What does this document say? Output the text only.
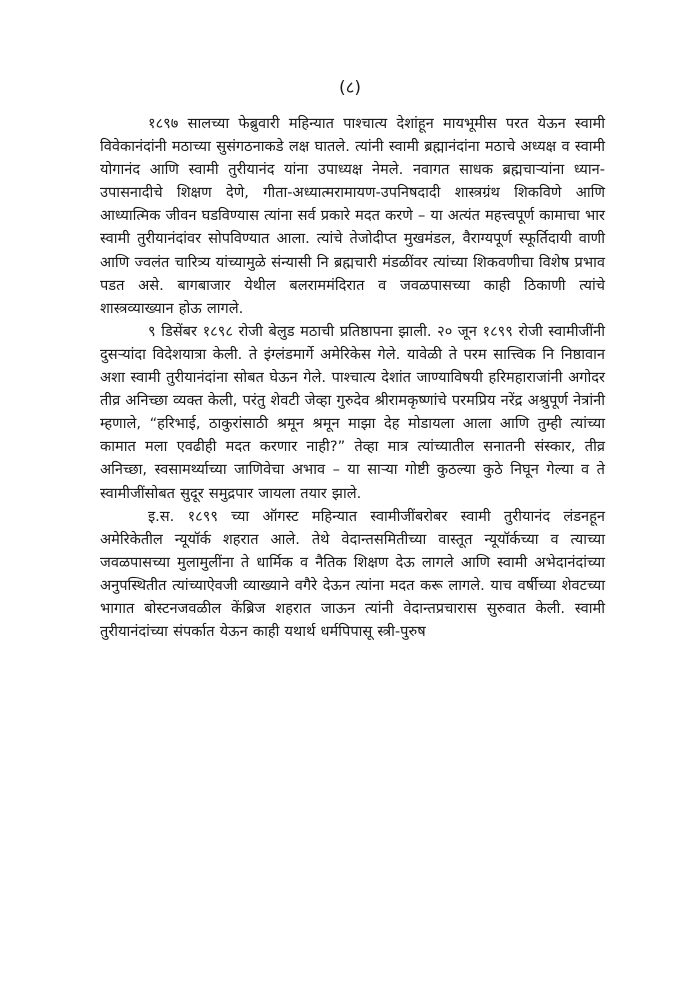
(८)

१८९७ सालच्या फेब्रुवारी महिन्यात पाश्चात्य देशांहून मायभूमीस परत येऊन स्वामी विवेकानंदांनी मठाच्या सुसंगठनाकडे लक्ष घातले. त्यांनी स्वामी ब्रह्मानंदांना मठाचे अध्यक्ष व स्वामी योगानंद आणि स्वामी तुरीयानंद यांना उपाध्यक्ष नेमले. नवागत साधक ब्रह्मचाऱ्यांना ध्यान-उपासनादीचे शिक्षण देणे, गीता-अध्यात्मरामायण-उपनिषदादी शास्त्रग्रंथ शिकविणे आणि आध्यात्मिक जीवन घडविण्यास त्यांना सर्व प्रकारे मदत करणे – या अत्यंत महत्त्वपूर्ण कामाचा भार स्वामी तुरीयानंदांवर सोपविण्यात आला. त्यांचे तेजोदीप्त मुखमंडल, वैराग्यपूर्ण स्फूर्तिदायी वाणी आणि ज्वलंत चारित्र्य यांच्यामुळे संन्यासी नि ब्रह्मचारी मंडळींवर त्यांच्या शिकवणीचा विशेष प्रभाव पडत असे. बागबाजार येथील बलराममंदिरात व जवळपासच्या काही ठिकाणी त्यांचे शास्त्रव्याख्यान होऊ लागले.

९ डिसेंबर १८९८ रोजी बेलुड मठाची प्रतिष्ठापना झाली. २० जून १८९९ रोजी स्वामीजींनी दुसऱ्यांदा विदेशयात्रा केली. ते इंग्लंडमार्गे अमेरिकेस गेले. यावेळी ते परम सात्त्विक नि निष्ठावान अशा स्वामी तुरीयानंदांना सोबत घेऊन गेले. पाश्चात्य देशांत जाण्याविषयी हरिमहाराजांनी अगोदर तीव्र अनिच्छा व्यक्त केली, परंतु शेवटी जेव्हा गुरुदेव श्रीरामकृष्णांचे परमप्रिय नरेंद्र अश्रुपूर्ण नेत्रांनी म्हणाले, “हरिभाई, ठाकुरांसाठी श्रमून श्रमून माझा देह मोडायला आला आणि तुम्ही त्यांच्या कामात मला एवढीही मदत करणार नाही?” तेव्हा मात्र त्यांच्यातील सनातनी संस्कार, तीव्र अनिच्छा, स्वसामर्थ्याच्या जाणिवेचा अभाव – या साऱ्या गोष्टी कुठल्या कुठे निघून गेल्या व ते स्वामीजींसोबत सुदूर समुद्रपार जायला तयार झाले.

इ.स. १८९९ च्या ऑगस्ट महिन्यात स्वामीजींबरोबर स्वामी तुरीयानंद लंडनहून अमेरिकेतील न्यूयॉर्क शहरात आले. तेथे वेदान्तसमितीच्या वास्तूत न्यूयॉर्कच्या व त्याच्या जवळपासच्या मुलामुलींना ते धार्मिक व नैतिक शिक्षण देऊ लागले आणि स्वामी अभेदानंदांच्या अनुपस्थितीत त्यांच्याऐवजी व्याख्याने वगैरे देऊन त्यांना मदत करू लागले. याच वर्षीच्या शेवटच्या भागात बोस्टनजवळील केंब्रिज शहरात जाऊन त्यांनी वेदान्तप्रचारास सुरुवात केली. स्वामी तुरीयानंदांच्या संपर्कात येऊन काही यथार्थ धर्मपिपासू स्त्री-पुरुष
